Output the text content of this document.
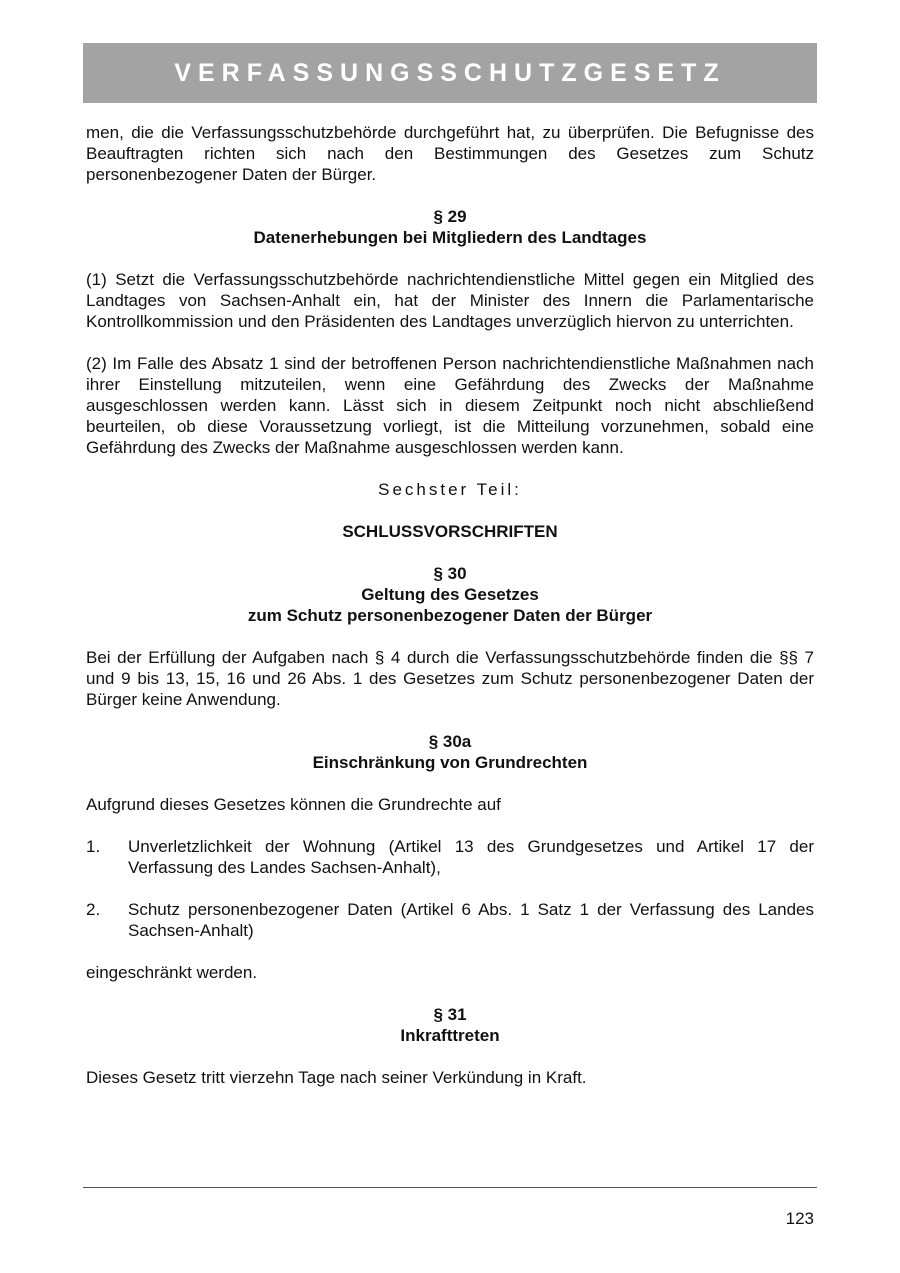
VERFASSUNGSSCHUTZGESETZ

men, die die Verfassungsschutzbehörde durchgeführt hat, zu überprüfen. Die Befugnisse des Beauftragten richten sich nach den Bestimmungen des Gesetzes zum Schutz personenbezogener Daten der Bürger.

§ 29
Datenerhebungen bei Mitgliedern des Landtages

(1) Setzt die Verfassungsschutzbehörde nachrichtendienstliche Mittel gegen ein Mitglied des Landtages von Sachsen-Anhalt ein, hat der Minister des Innern die Parlamentarische Kontrollkommission und den Präsidenten des Landtages unverzüglich hiervon zu unterrichten.

(2) Im Falle des Absatz 1 sind der betroffenen Person nachrichtendienstliche Maßnahmen nach ihrer Einstellung mitzuteilen, wenn eine Gefährdung des Zwecks der Maßnahme ausgeschlossen werden kann. Lässt sich in diesem Zeitpunkt noch nicht abschließend beurteilen, ob diese Voraussetzung vorliegt, ist die Mitteilung vorzunehmen, sobald eine Gefährdung des Zwecks der Maßnahme ausgeschlossen werden kann.

Sechster Teil:
SCHLUSSVORSCHRIFTEN
§ 30
Geltung des Gesetzes
zum Schutz personenbezogener Daten der Bürger

Bei der Erfüllung der Aufgaben nach § 4 durch die Verfassungsschutzbehörde finden die §§ 7 und 9 bis 13, 15, 16 und 26 Abs. 1 des Gesetzes zum Schutz personenbezogener Daten der Bürger keine Anwendung.

§ 30a
Einschränkung von Grundrechten

Aufgrund dieses Gesetzes können die Grundrechte auf

1.	Unverletzlichkeit der Wohnung (Artikel 13 des Grundgesetzes und Artikel 17 der Verfassung des Landes Sachsen-Anhalt),
2.	Schutz personenbezogener Daten (Artikel 6 Abs. 1 Satz 1 der Verfassung des Landes Sachsen-Anhalt)

eingeschränkt werden.

§ 31
Inkrafttreten

Dieses Gesetz tritt vierzehn Tage nach seiner Verkündung in Kraft.

123
